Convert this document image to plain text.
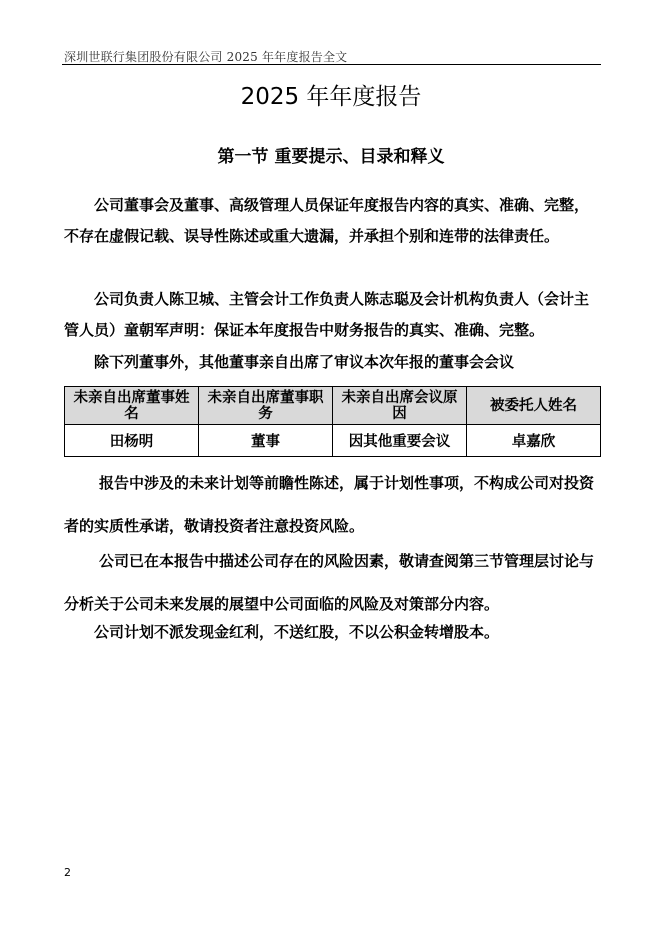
深圳世联行集团股份有限公司 2025 年年度报告全文
2025 年年度报告
第一节 重要提示、目录和释义

公司董事会及董事、高级管理人员保证年度报告内容的真实、准确、完整，不存在虚假记载、误导性陈述或重大遗漏，并承担个别和连带的法律责任。

公司负责人陈卫城、主管会计工作负责人陈志聪及会计机构负责人（会计主管人员）童朝军声明：保证本年度报告中财务报告的真实、准确、完整。

除下列董事外，其他董事亲自出席了审议本次年报的董事会会议

未亲自出席董事姓名	未亲自出席董事职务	未亲自出席会议原因	被委托人姓名
田杨明	董事	因其他重要会议	卓嘉欣

报告中涉及的未来计划等前瞻性陈述，属于计划性事项，不构成公司对投资者的实质性承诺，敬请投资者注意投资风险。

公司已在本报告中描述公司存在的风险因素，敬请查阅第三节管理层讨论与分析关于公司未来发展的展望中公司面临的风险及对策部分内容。

公司计划不派发现金红利，不送红股，不以公积金转增股本。

2
